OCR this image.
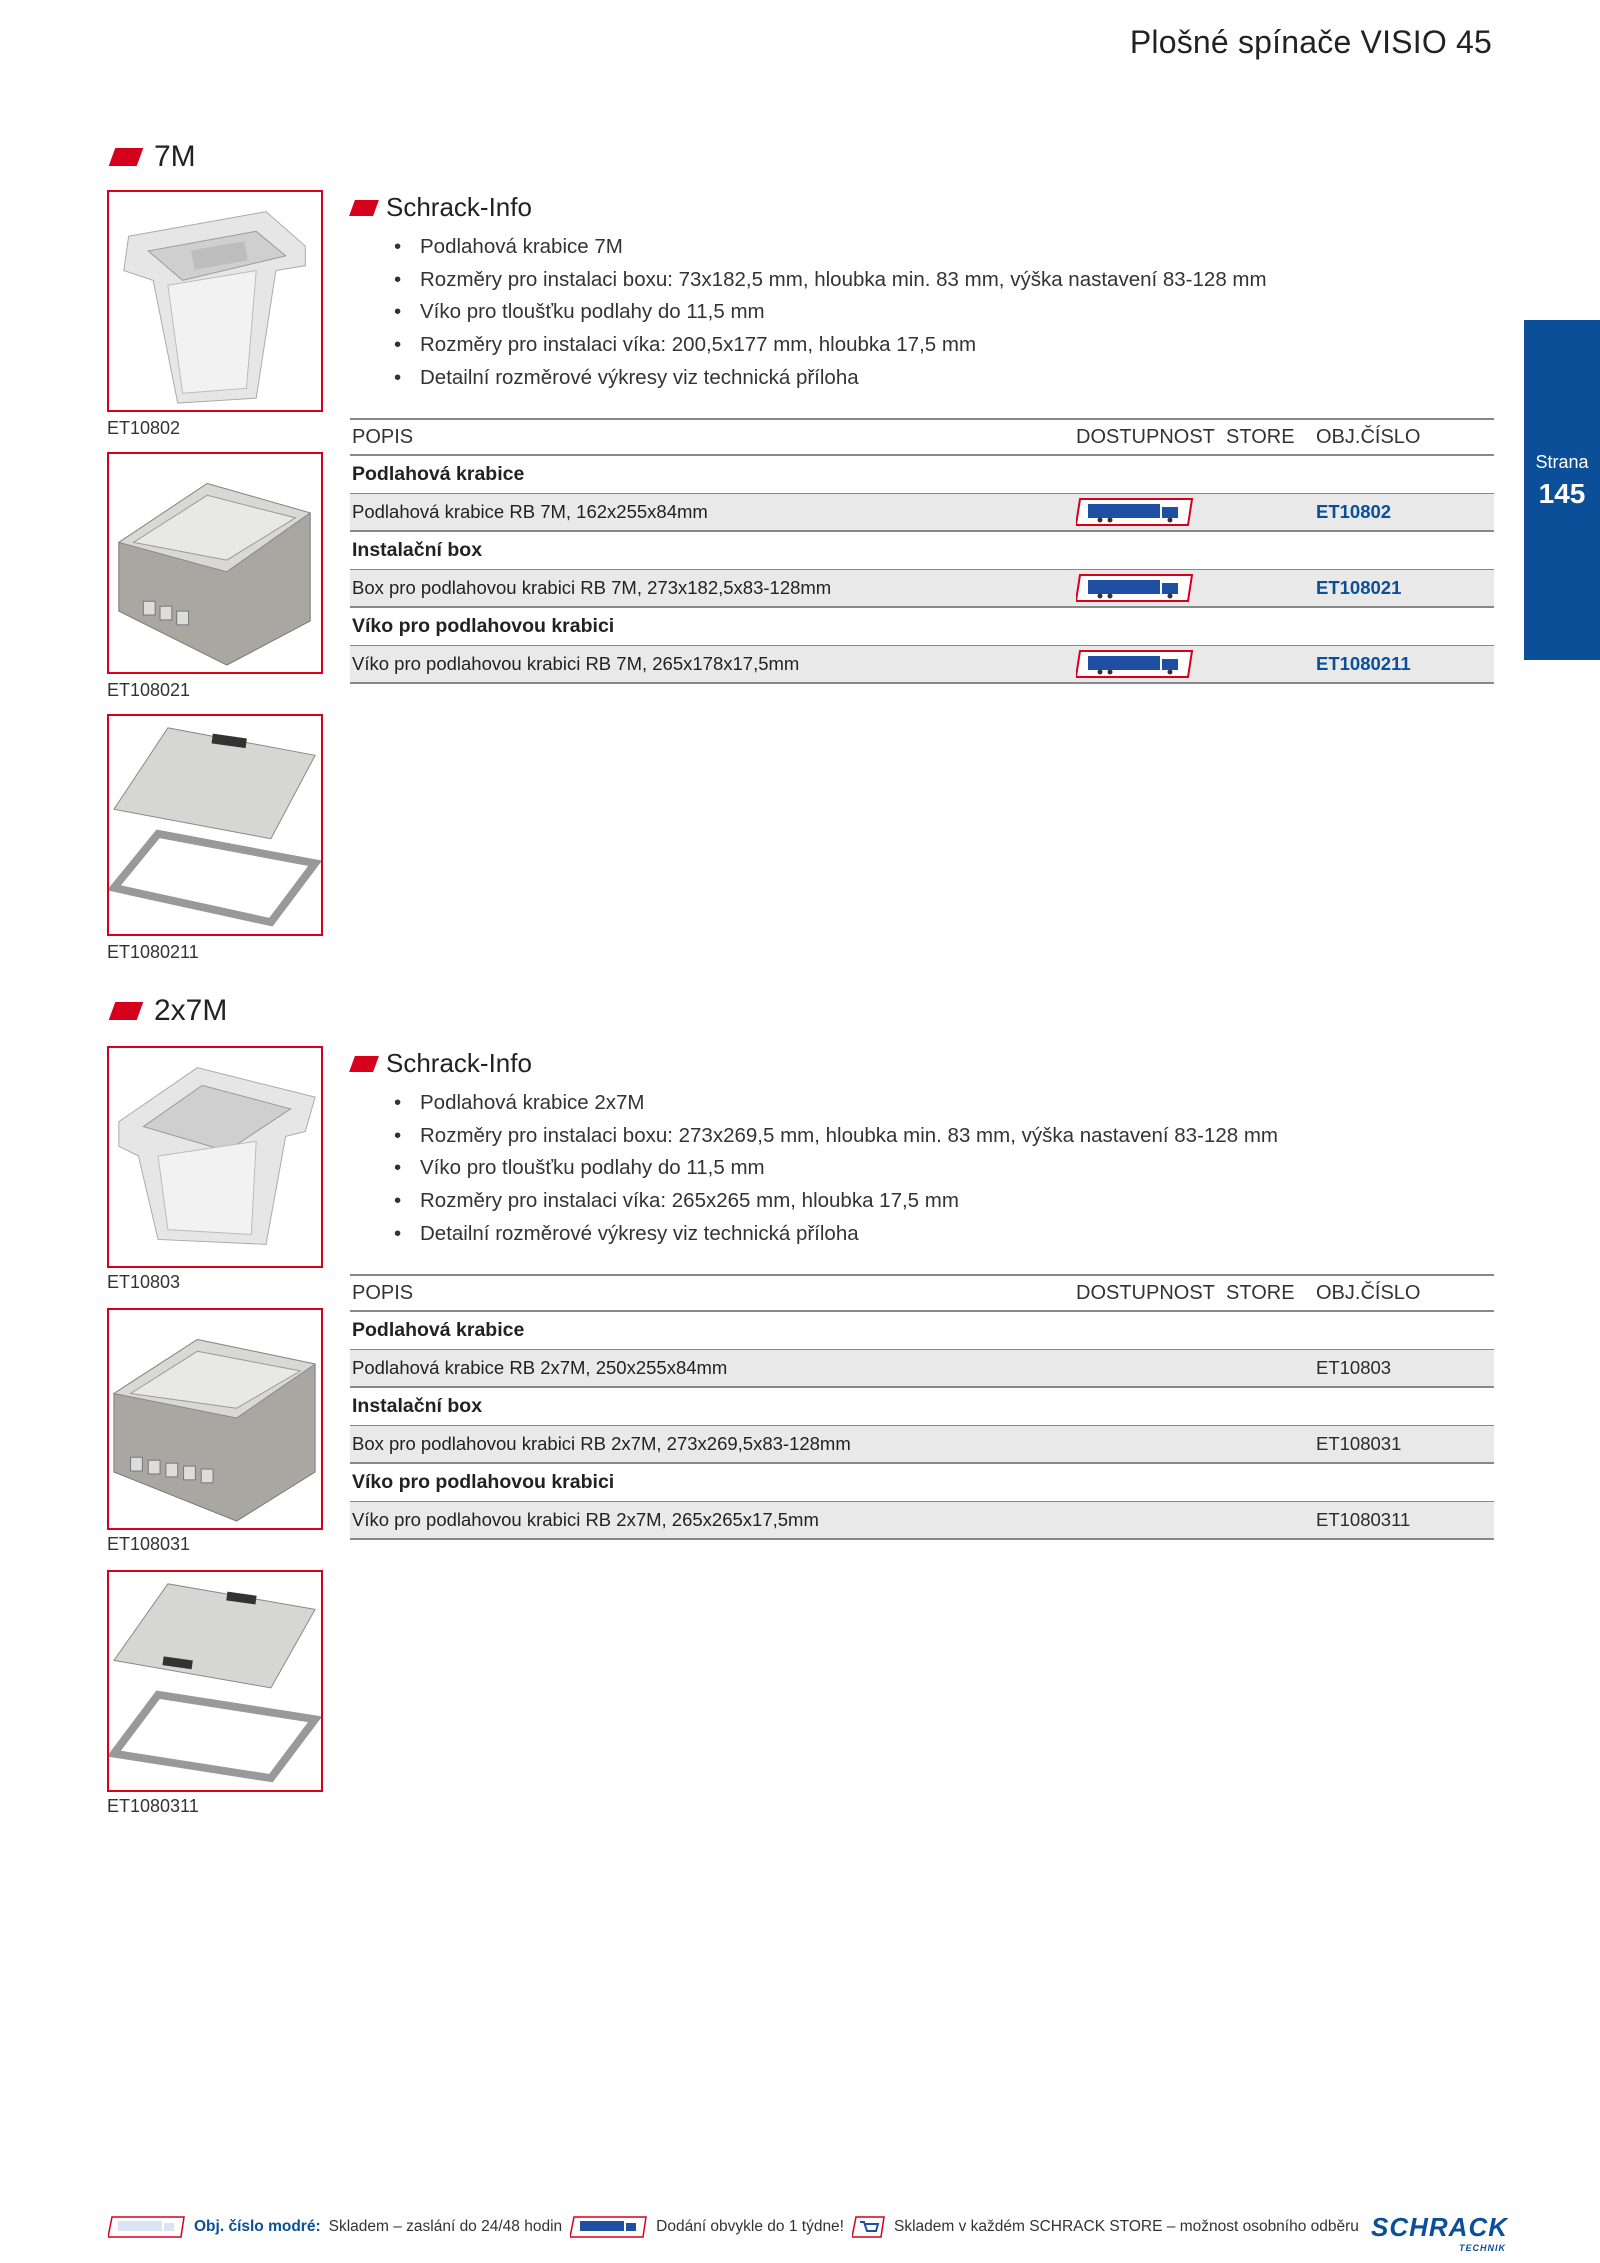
Plošné spínače VISIO 45
Strana
145
7M
ET10802
ET108021
ET1080211
Schrack-Info
• Podlahová krabice 7M
• Rozměry pro instalaci boxu: 73x182,5 mm, hloubka min. 83 mm, výška nastavení 83-128 mm
• Víko pro tloušťku podlahy do 11,5 mm
• Rozměry pro instalaci víka: 200,5x177 mm, hloubka 17,5 mm
• Detailní rozměrové výkresy viz technická příloha
POPIS	DOSTUPNOST STORE	OBJ.ČÍSLO
Podlahová krabice
Podlahová krabice RB 7M, 162x255x84mm	ET10802
Instalační box
Box pro podlahovou krabici RB 7M, 273x182,5x83-128mm	ET108021
Víko pro podlahovou krabici
Víko pro podlahovou krabici RB 7M, 265x178x17,5mm	ET1080211
2x7M
ET10803
ET108031
ET1080311
Schrack-Info
• Podlahová krabice 2x7M
• Rozměry pro instalaci boxu: 273x269,5 mm, hloubka min. 83 mm, výška nastavení 83-128 mm
• Víko pro tloušťku podlahy do 11,5 mm
• Rozměry pro instalaci víka: 265x265 mm, hloubka 17,5 mm
• Detailní rozměrové výkresy viz technická příloha
POPIS	DOSTUPNOST STORE	OBJ.ČÍSLO
Podlahová krabice
Podlahová krabice RB 2x7M, 250x255x84mm	ET10803
Instalační box
Box pro podlahovou krabici RB 2x7M, 273x269,5x83-128mm	ET108031
Víko pro podlahovou krabici
Víko pro podlahovou krabici RB 2x7M, 265x265x17,5mm	ET1080311
Obj. číslo modré: Skladem – zaslání do 24/48 hodin	Dodání obvykle do 1 týdne!	Skladem v každém SCHRACK STORE – možnost osobního odběru SCHRACK
TECHNIK
